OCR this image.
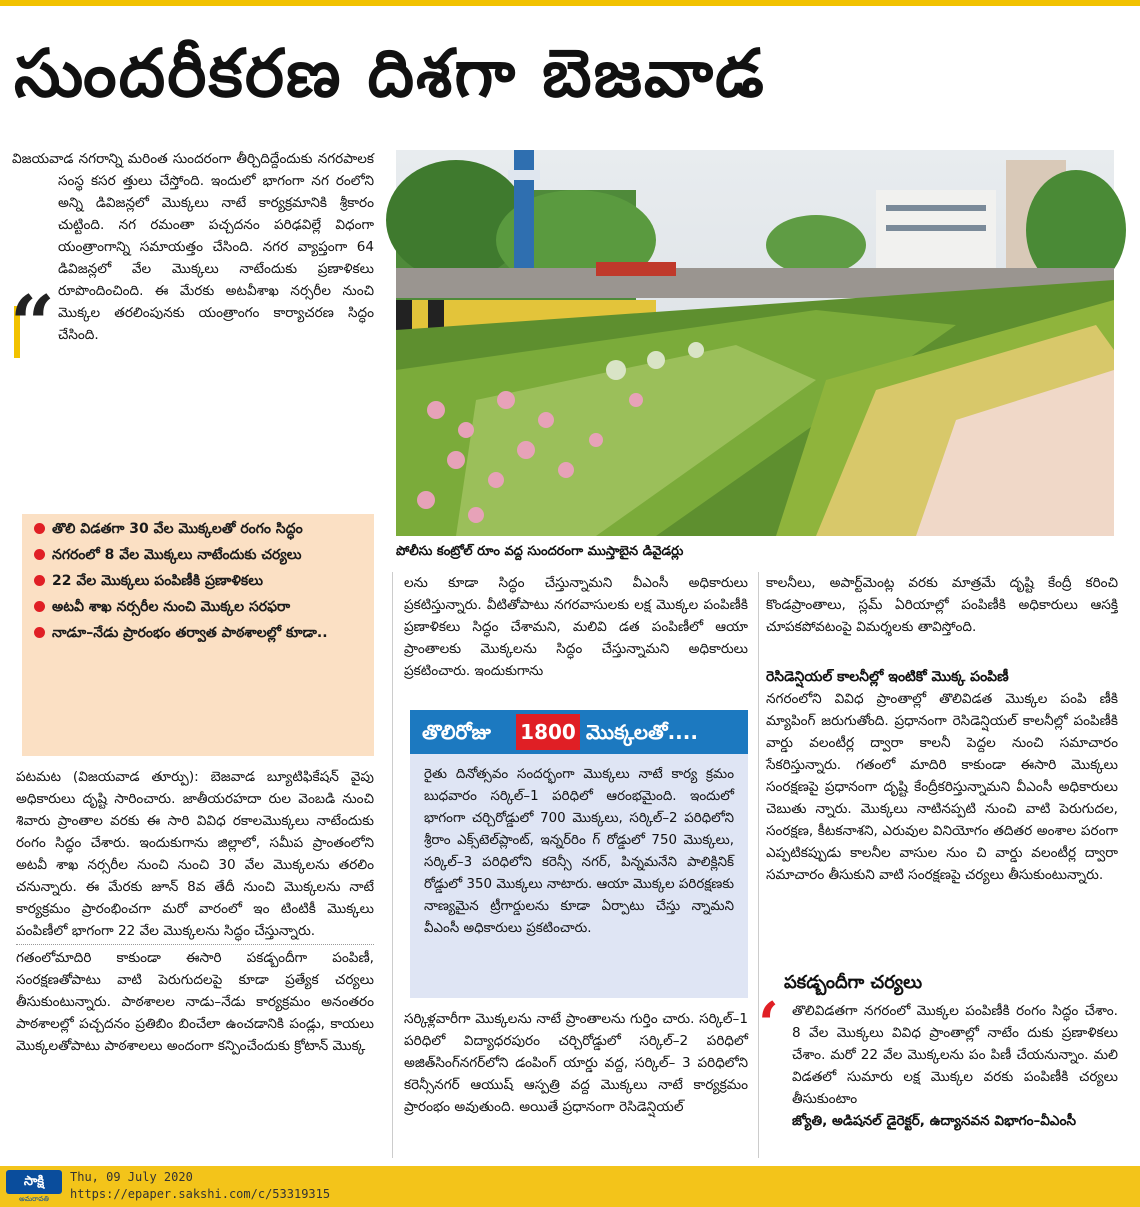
సుందరీకరణ దిశగా బెజవాడ
“

విజయవాడ నగరాన్ని మరింత సుందరంగా తీర్చిదిద్దేందుకు నగరపాలక సంస్థ కసర త్తులు చేస్తోంది. ఇందులో భాగంగా నగ రంలోని అన్ని డివిజన్లలో మొక్కలు నాటే కార్యక్రమానికి శ్రీకారం చుట్టింది. నగ రమంతా పచ్చదనం పరిఢవిల్లే విధంగా యంత్రాంగాన్ని సమాయత్తం చేసింది. నగర వ్యాప్తంగా 64 డివిజన్లలో వేల మొక్కలు నాటేందుకు ప్రణాళికలు రూపొందించింది. ఈ మేరకు అటవీశాఖ నర్సరీల నుంచి మొక్కల తరలింపునకు యంత్రాంగం కార్యాచరణ సిద్ధం చేసింది.

పోలీసు కంట్రోల్‌ రూం వద్ద సుందరంగా ముస్తాబైన డివైడర్లు
తొలి విడతగా 30 వేల మొక్కలతో రంగం సిద్ధం
నగరంలో 8 వేల మొక్కలు నాటేందుకు చర్యలు
22 వేల మొక్కలు పంపిణీకి ప్రణాళికలు
అటవీ శాఖ నర్సరీల నుంచి మొక్కల సరఫరా
నాడూ–నేడు ప్రారంభం తర్వాత పాఠశాలల్లో కూడా..

పటమట (విజయవాడ తూర్పు): బెజవాడ బ్యూటిఫికేషన్‌ వైపు అధికారులు దృష్టి సారించారు. జాతీయరహదా రుల వెంబడి నుంచి శివారు ప్రాంతాల వరకు ఈ సారి వివిధ రకాలమొక్కలు నాటేందుకు రంగం సిద్ధం చేశారు. ఇందుకుగాను జిల్లాలో, సమీప ప్రాంతంలోని అటవీ శాఖ నర్సరీల నుంచి నుంచి 30 వేల మొక్కలను తరలిం చనున్నారు. ఈ మేరకు జూన్‌ 8వ తేదీ నుంచి మొక్కలను నాటే కార్యక్రమం ప్రారంభించగా మరో వారంలో ఇం టింటికీ మొక్కలు పంపిణీలో భాగంగా 22 వేల మొక్కలను సిద్ధం చేస్తున్నారు.

గతంలోమాదిరి కాకుండా ఈసారి పకడ్బందీగా పంపిణీ, సంరక్షణతోపాటు వాటి పెరుగుదలపై కూడా ప్రత్యేక చర్యలు తీసుకుంటున్నారు. పాఠశాలల నాడు–నేడు కార్యక్రమం అనంతరం పాఠశాలల్లో పచ్చదనం ప్రతిబిం బించేలా ఉంచడానికి పండ్లు, కాయలు మొక్కలతోపాటు పాఠశాలలు అందంగా కన్పించేందుకు క్రోటాన్‌ మొక్క

లను కూడా సిద్ధం చేస్తున్నామని వీఎంసీ అధికారులు ప్రకటిస్తున్నారు. వీటితోపాటు నగరవాసులకు లక్ష మొక్కల పంపిణీకి ప్రణాళికలు సిద్ధం చేశామని, మలివి డత పంపిణీలో ఆయా ప్రాంతాలకు మొక్కలను సిద్ధం చేస్తున్నామని అధికారులు ప్రకటించారు. ఇందుకుగాను

తొలిరోజు 1800 మొక్కలతో....

రైతు దినోత్సవం సందర్భంగా మొక్కలు నాటే కార్య క్రమం బుధవారం సర్కిల్‌–1 పరిధిలో ఆరంభమైంది. ఇందులో భాగంగా చర్చిరోడ్డులో 700 మొక్కలు, సర్కిల్‌–2 పరిధిలోని శ్రీరాం ఎక్స్‌టెల్‌ప్లాంట్, ఇన్నర్‌రిం గ్‌ రోడ్డులో 750 మొక్కలు, సర్కిల్‌–3 పరిధిలోని కరెన్సీ నగర్, పిన్నమనేని పాలిక్లినిక్‌ రోడ్డులో 350 మొక్కలు నాటారు. ఆయా మొక్కల పరిరక్షణకు నాణ్యమైన ట్రీగార్డులను కూడా ఏర్పాటు చేస్తు న్నామని వీఎంసీ అధికారులు ప్రకటించారు.

సర్కిళ్లవారీగా మొక్కలను నాటే ప్రాంతాలను గుర్తిం చారు. సర్కిల్‌–1 పరిధిలో విద్యాధరపురం చర్చిరోడ్డులో సర్కిల్‌–2 పరిధిలో అజిత్‌సింగ్‌నగర్‌లోని డంపింగ్‌ యార్డు వద్ద, సర్కిల్‌– 3 పరిధిలోని కరెన్సీనగర్‌ ఆయుష్‌ ఆస్పత్రి వద్ద మొక్కలు నాటే కార్యక్రమం ప్రారంభం అవుతుంది. అయితే ప్రధానంగా రెసిడెన్షియల్‌

కాలనీలు, అపార్ట్‌మెంట్ల వరకు మాత్రమే దృష్టి కేంద్రీ కరించి కొండప్రాంతాలు, స్లమ్‌ ఏరియాల్లో పంపిణీకి అధికారులు ఆసక్తి చూపకపోవటంపై విమర్శలకు తావిస్తోంది.

రెసిడెన్షియల్‌ కాలనీల్లో ఇంటికో మొక్క పంపిణీ

నగరంలోని వివిధ ప్రాంతాల్లో తొలివిడత మొక్కల పంపి ణీకి మ్యాపింగ్‌ జరుగుతోంది. ప్రధానంగా రెసిడెన్షియల్‌ కాలనీల్లో పంపిణీకి వార్డు వలంటీర్ల ద్వారా కాలనీ పెద్దల నుంచి సమాచారం సేకరిస్తున్నారు. గతంలో మాదిరి కాకుండా ఈసారి మొక్కలు సంరక్షణపై ప్రధానంగా దృష్టి కేంద్రీకరిస్తున్నామని వీఎంసీ అధికారులు చెబుతు న్నారు. మొక్కలు నాటినప్పటి నుంచి వాటి పెరుగుదల, సంరక్షణ, కీటకనాశని, ఎరువుల వినియోగం తదితర అంశాల పరంగా ఎప్పటికప్పుడు కాలనీల వాసుల నుం చి వార్డు వలంటీర్ల ద్వారా సమాచారం తీసుకుని వాటి సంరక్షణపై చర్యలు తీసుకుంటున్నారు.

పకడ్బందీగా చర్యలు
‘ తొలివిడతగా నగరంలో మొక్కల పంపిణీకి రంగం సిద్ధం చేశాం. 8 వేల మొక్కలు వివిధ ప్రాంతాల్లో నాటేం దుకు ప్రణాళికలు చేశాం. మరో 22 వేల మొక్కలను పం పిణీ చేయనున్నాం. మలి విడతలో సుమారు లక్ష మొక్కల వరకు పంపిణీకి చర్యలు తీసుకుంటాం

జ్యోతి, అడిషనల్‌ డైరెక్టర్, ఉద్యానవన విభాగం–వీఎంసీ

సాక్షి
అమరావతి
Thu, 09 July 2020
https://epaper.sakshi.com/c/53319315
